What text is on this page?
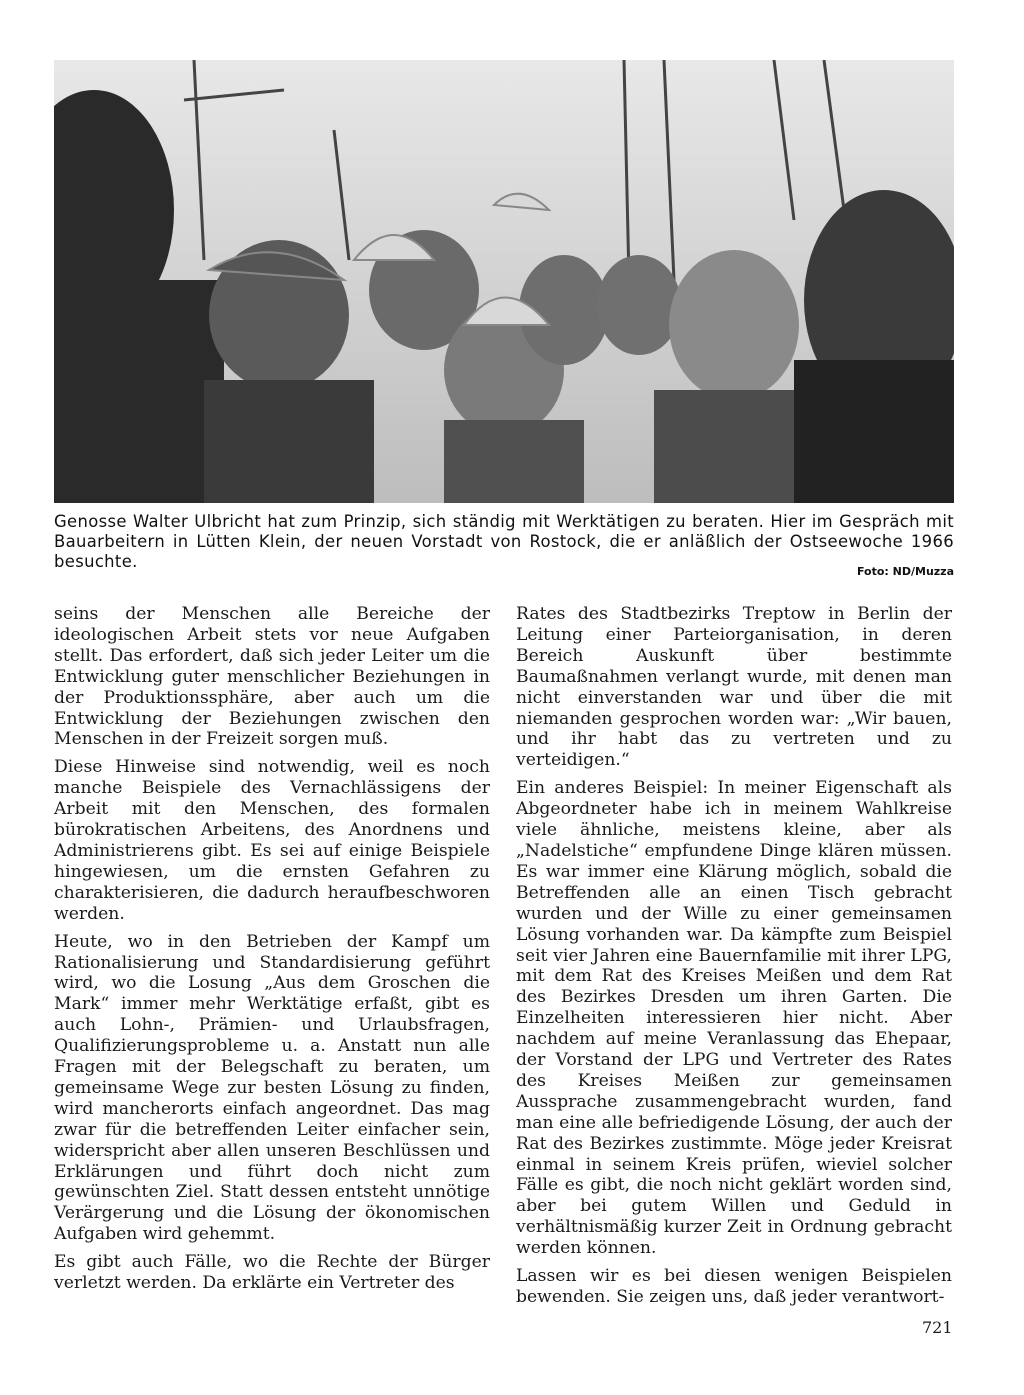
Genosse Walter Ulbricht hat zum Prinzip, sich ständig mit Werktätigen zu beraten. Hier im Gespräch mit Bauarbeitern in Lütten Klein, der neuen Vorstadt von Rostock, die er anläßlich der Ostseewoche 1966 besuchte.
Foto: ND/Muzza

seins der Menschen alle Bereiche der ideologischen Arbeit stets vor neue Aufgaben stellt. Das erfordert, daß sich jeder Leiter um die Entwicklung guter menschlicher Beziehungen in der Produktionssphäre, aber auch um die Entwicklung der Beziehungen zwischen den Menschen in der Freizeit sorgen muß.

Diese Hinweise sind notwendig, weil es noch manche Beispiele des Vernachlässigens der Arbeit mit den Menschen, des formalen bürokratischen Arbeitens, des Anordnens und Administrierens gibt. Es sei auf einige Beispiele hingewiesen, um die ernsten Gefahren zu charakterisieren, die dadurch heraufbeschworen werden.

Heute, wo in den Betrieben der Kampf um Rationalisierung und Standardisierung geführt wird, wo die Losung „Aus dem Groschen die Mark“ immer mehr Werktätige erfaßt, gibt es auch Lohn-, Prämien- und Urlaubsfragen, Qualifizierungsprobleme u. a. Anstatt nun alle Fragen mit der Belegschaft zu beraten, um gemeinsame Wege zur besten Lösung zu finden, wird mancherorts einfach angeordnet. Das mag zwar für die betreffenden Leiter einfacher sein, widerspricht aber allen unseren Beschlüssen und Erklärungen und führt doch nicht zum gewünschten Ziel. Statt dessen entsteht unnötige Verärgerung und die Lösung der ökonomischen Aufgaben wird gehemmt.

Es gibt auch Fälle, wo die Rechte der Bürger verletzt werden. Da erklärte ein Vertreter des

Rates des Stadtbezirks Treptow in Berlin der Leitung einer Parteiorganisation, in deren Bereich Auskunft über bestimmte Baumaßnahmen verlangt wurde, mit denen man nicht einverstanden war und über die mit niemanden gesprochen worden war: „Wir bauen, und ihr habt das zu vertreten und zu verteidigen.“

Ein anderes Beispiel: In meiner Eigenschaft als Abgeordneter habe ich in meinem Wahlkreise viele ähnliche, meistens kleine, aber als „Nadelstiche“ empfundene Dinge klären müssen. Es war immer eine Klärung möglich, sobald die Betreffenden alle an einen Tisch gebracht wurden und der Wille zu einer gemeinsamen Lösung vorhanden war. Da kämpfte zum Beispiel seit vier Jahren eine Bauernfamilie mit ihrer LPG, mit dem Rat des Kreises Meißen und dem Rat des Bezirkes Dresden um ihren Garten. Die Einzelheiten interessieren hier nicht. Aber nachdem auf meine Veranlassung das Ehepaar, der Vorstand der LPG und Vertreter des Rates des Kreises Meißen zur gemeinsamen Aussprache zusammengebracht wurden, fand man eine alle befriedigende Lösung, der auch der Rat des Bezirkes zustimmte. Möge jeder Kreisrat einmal in seinem Kreis prüfen, wieviel solcher Fälle es gibt, die noch nicht geklärt worden sind, aber bei gutem Willen und Geduld in verhältnismäßig kurzer Zeit in Ordnung gebracht werden können.

Lassen wir es bei diesen wenigen Beispielen bewenden. Sie zeigen uns, daß jeder verantwort-

721
